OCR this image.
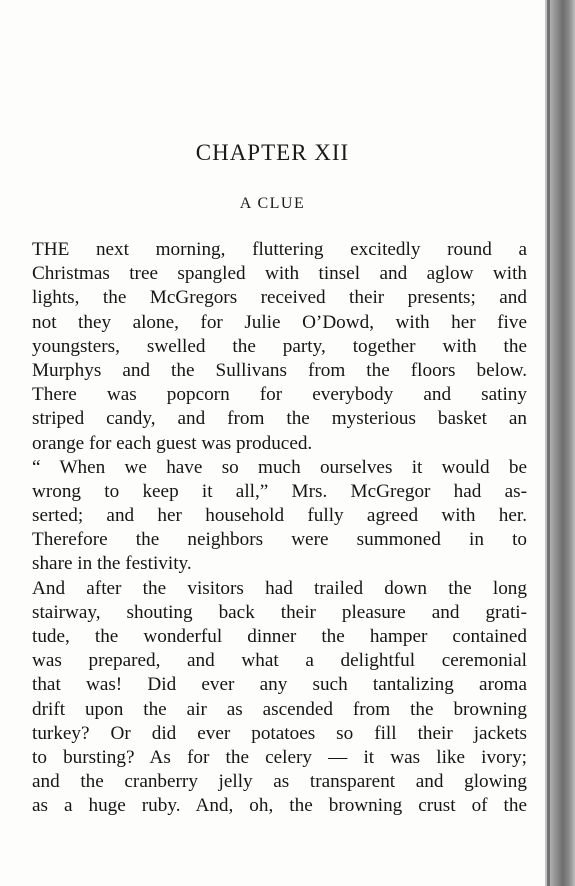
CHAPTER XII
A CLUE
THE next morning, fluttering excitedly round a
Christmas tree spangled with tinsel and aglow with
lights, the McGregors received their presents; and
not they alone, for Julie O’Dowd, with her five
youngsters, swelled the party, together with the
Murphys and the Sullivans from the floors below.
There was popcorn for everybody and satiny
striped candy, and from the mysterious basket an
orange for each guest was produced.
“ When we have so much ourselves it would be
wrong to keep it all,” Mrs. McGregor had as-
serted; and her household fully agreed with her.
Therefore the neighbors were summoned in to
share in the festivity.
And after the visitors had trailed down the long
stairway, shouting back their pleasure and grati-
tude, the wonderful dinner the hamper contained
was prepared, and what a delightful ceremonial
that was! Did ever any such tantalizing aroma
drift upon the air as ascended from the browning
turkey? Or did ever potatoes so fill their jackets
to bursting? As for the celery — it was like ivory;
and the cranberry jelly as transparent and glowing
as a huge ruby. And, oh, the browning crust of the
